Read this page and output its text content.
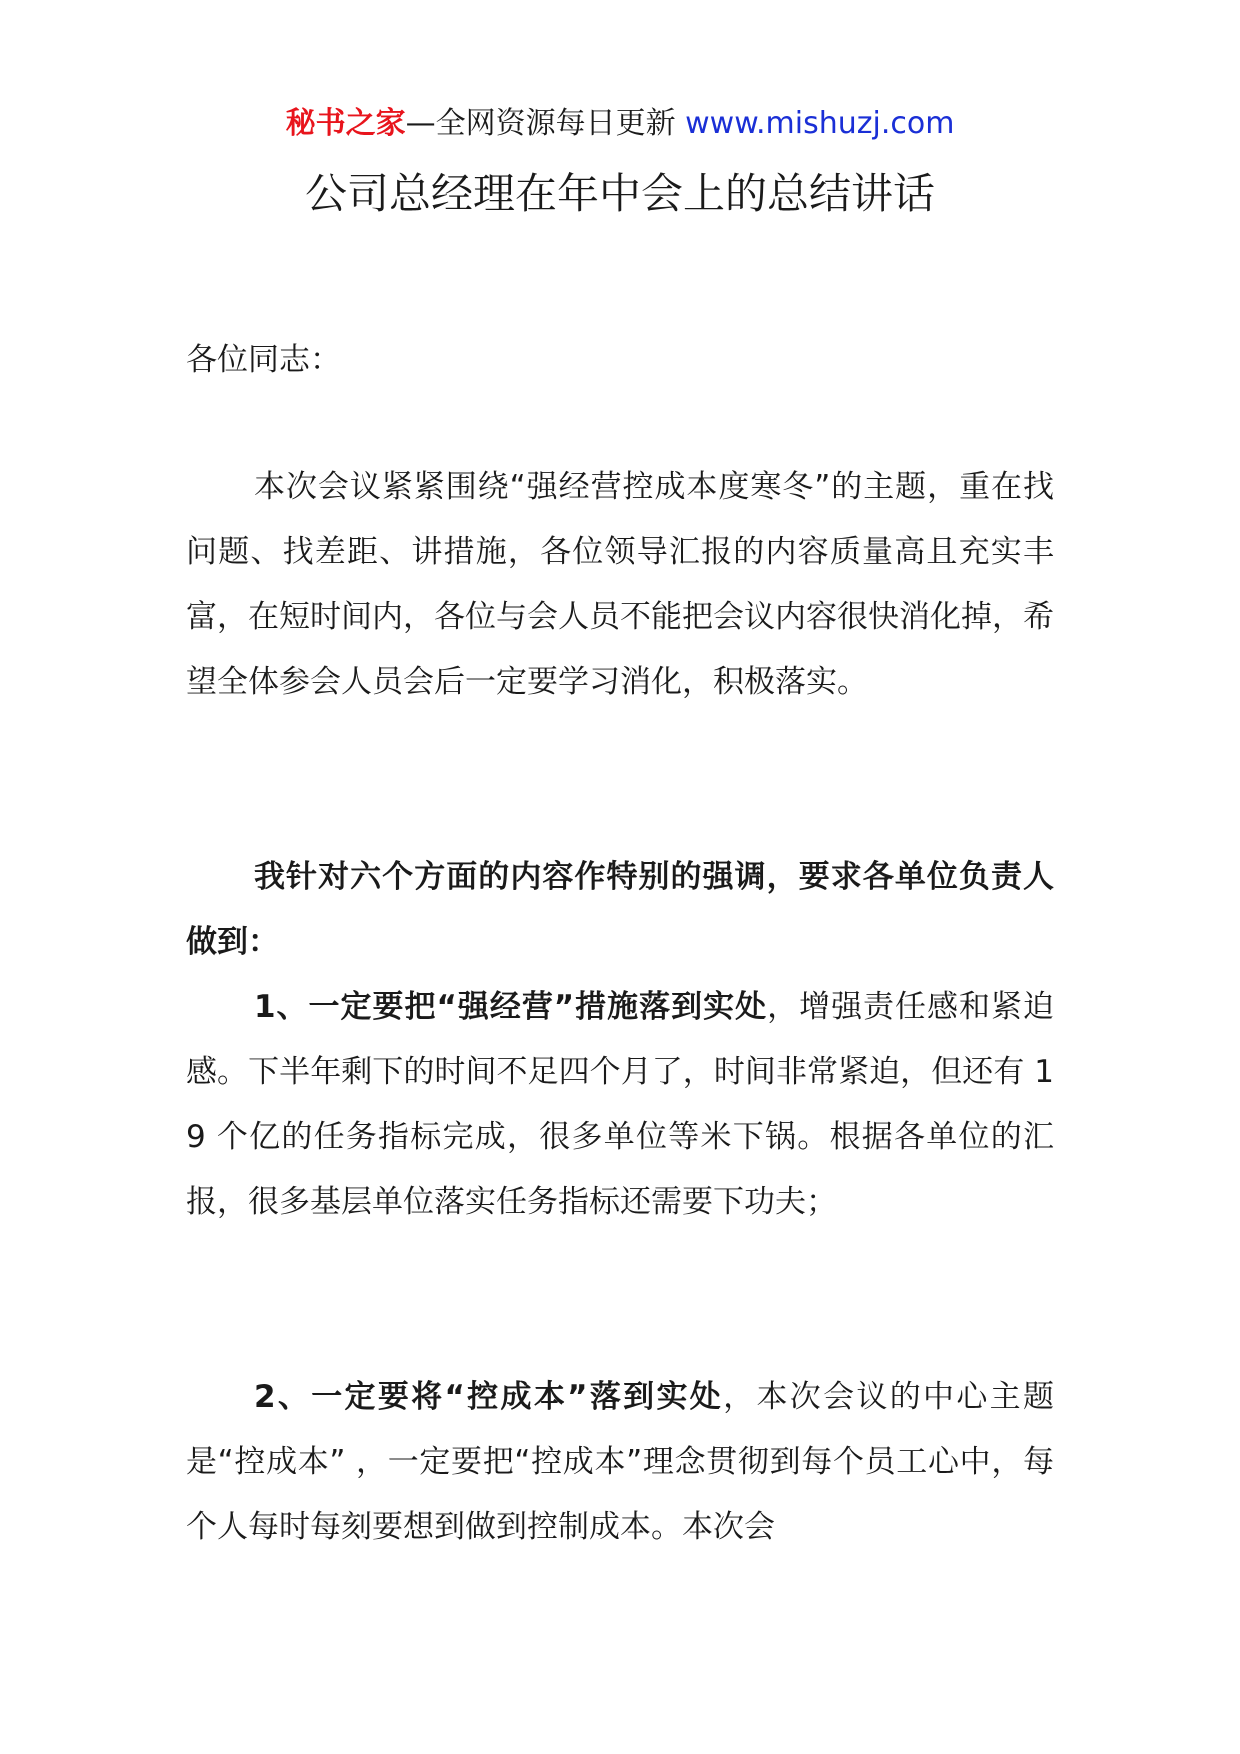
秘书之家—全网资源每日更新 www.mishuzj.com
公司总经理在年中会上的总结讲话

各位同志：

本次会议紧紧围绕“强经营控成本度寒冬”的主题，重在找问题、找差距、讲措施，各位领导汇报的内容质量高且充实丰富，在短时间内，各位与会人员不能把会议内容很快消化掉，希望全体参会人员会后一定要学习消化，积极落实。

我针对六个方面的内容作特别的强调，要求各单位负责人做到：

1、一定要把“强经营”措施落到实处，增强责任感和紧迫感。下半年剩下的时间不足四个月了，时间非常紧迫，但还有 19 个亿的任务指标完成，很多单位等米下锅。根据各单位的汇报，很多基层单位落实任务指标还需要下功夫；

2、一定要将“控成本”落到实处，本次会议的中心主题是“控成本” ，一定要把“控成本”理念贯彻到每个员工心中，每个人每时每刻要想到做到控制成本。本次会
